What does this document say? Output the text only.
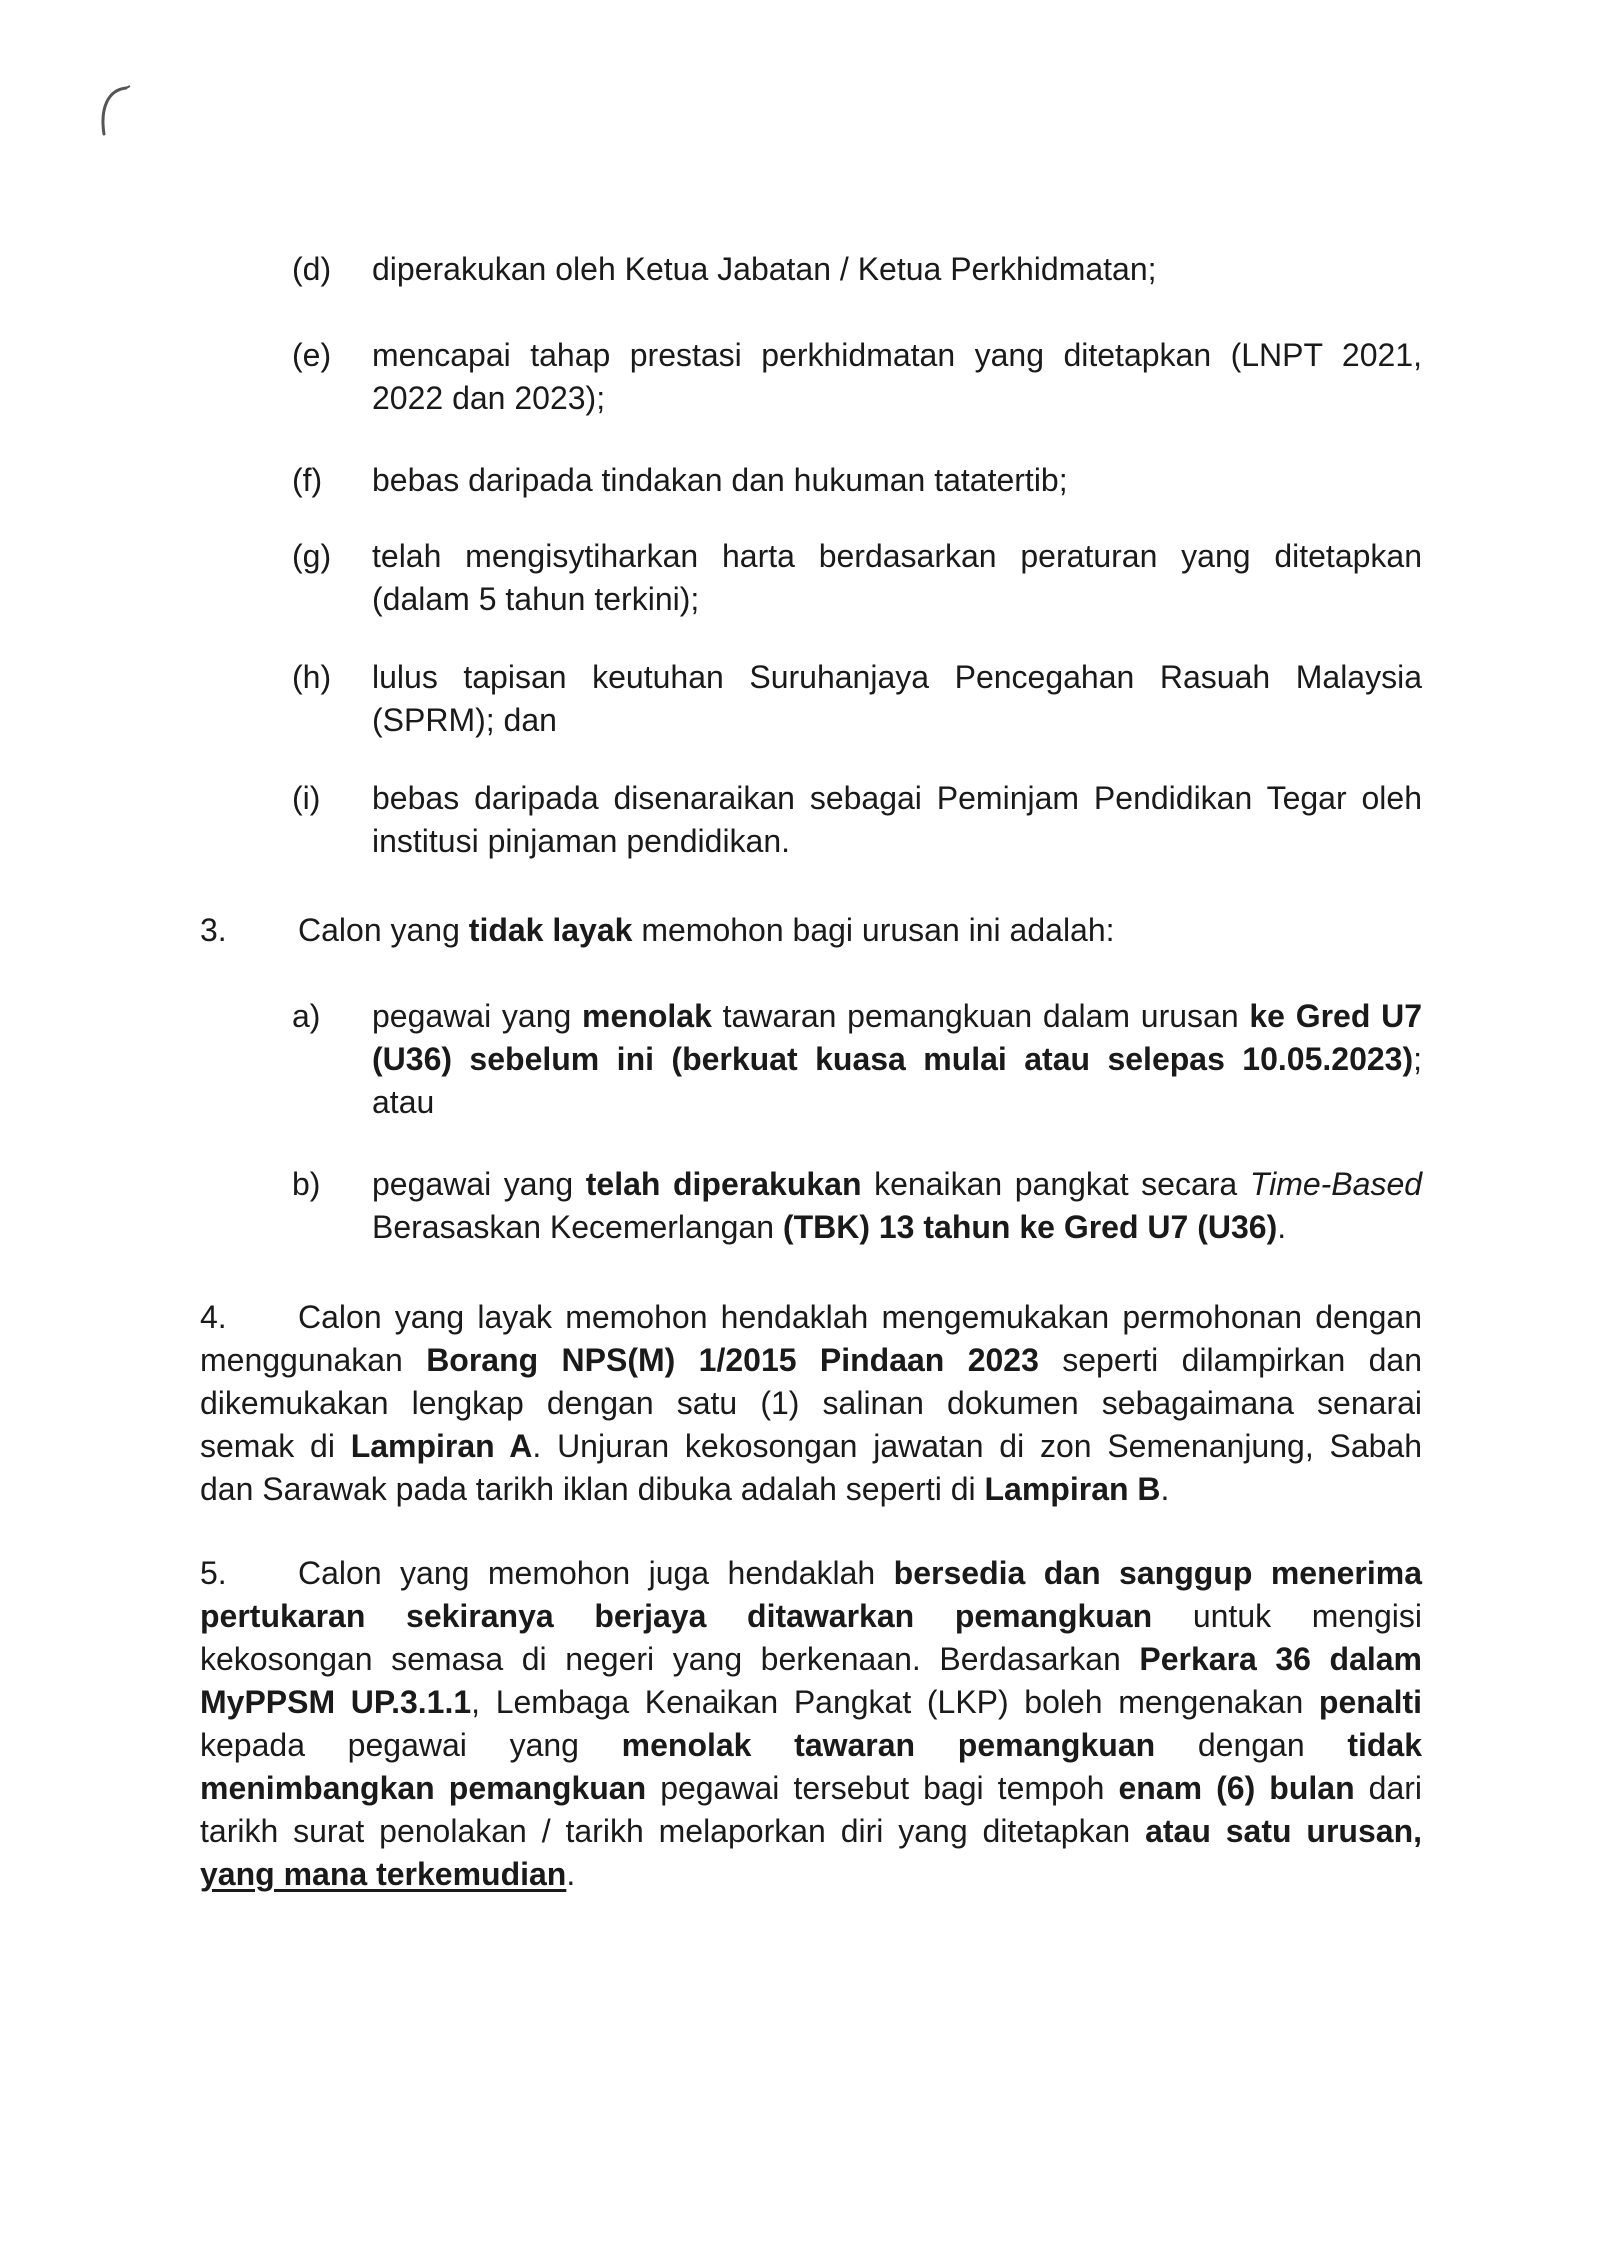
(d)	diperakukan oleh Ketua Jabatan / Ketua Perkhidmatan;
(e)	mencapai tahap prestasi perkhidmatan yang ditetapkan (LNPT 2021,
2022 dan 2023);
(f)	bebas daripada tindakan dan hukuman tatatertib;
(g)	telah mengisytiharkan harta berdasarkan peraturan yang ditetapkan
(dalam 5 tahun terkini);
(h)	lulus tapisan keutuhan Suruhanjaya Pencegahan Rasuah Malaysia
(SPRM); dan
(i)	bebas daripada disenaraikan sebagai Peminjam Pendidikan Tegar oleh
institusi pinjaman pendidikan.
3. Calon yang tidak layak memohon bagi urusan ini adalah:
a)	pegawai yang menolak tawaran pemangkuan dalam urusan ke Gred U7
(U36) sebelum ini (berkuat kuasa mulai atau selepas 10.05.2023);
atau
b)	pegawai yang telah diperakukan kenaikan pangkat secara Time-Based
Berasaskan Kecemerlangan (TBK) 13 tahun ke Gred U7 (U36).
4. Calon yang layak memohon hendaklah mengemukakan permohonan dengan
menggunakan Borang NPS(M) 1/2015 Pindaan 2023 seperti dilampirkan dan
dikemukakan lengkap dengan satu (1) salinan dokumen sebagaimana senarai
semak di Lampiran A. Unjuran kekosongan jawatan di zon Semenanjung, Sabah
dan Sarawak pada tarikh iklan dibuka adalah seperti di Lampiran B.
5. Calon yang memohon juga hendaklah bersedia dan sanggup menerima
pertukaran sekiranya berjaya ditawarkan pemangkuan untuk mengisi
kekosongan semasa di negeri yang berkenaan. Berdasarkan Perkara 36 dalam
MyPPSM UP.3.1.1, Lembaga Kenaikan Pangkat (LKP) boleh mengenakan penalti
kepada pegawai yang menolak tawaran pemangkuan dengan tidak
menimbangkan pemangkuan pegawai tersebut bagi tempoh enam (6) bulan dari
tarikh surat penolakan / tarikh melaporkan diri yang ditetapkan atau satu urusan,
yang mana terkemudian.
